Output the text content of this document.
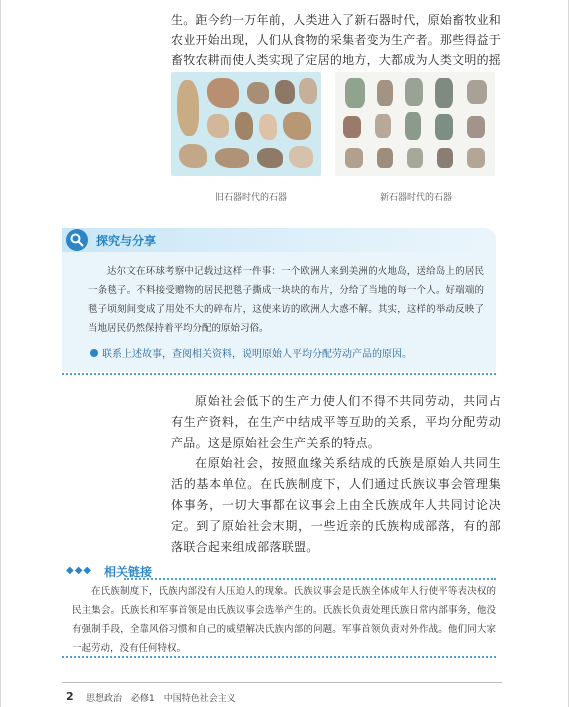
生。距今约一万年前，人类进入了新石器时代，原始畜牧业和农业开始出现，人们从食物的采集者变为生产者。那些得益于畜牧农耕而使人类实现了定居的地方，大都成为人类文明的摇

旧石器时代的石器	新石器时代的石器
探究与分享

达尔文在环球考察中记载过这样一件事：一个欧洲人来到美洲的火地岛，送给岛上的居民一条毯子。不料接受赠物的居民把毯子撕成一块块的布片，分给了当地的每一个人。好端端的毯子顷刻间变成了用处不大的碎布片，这使来访的欧洲人大惑不解。其实，这样的举动反映了当地居民仍然保持着平均分配的原始习俗。

联系上述故事，查阅相关资料，说明原始人平均分配劳动产品的原因。

原始社会低下的生产力使人们不得不共同劳动，共同占有生产资料，在生产中结成平等互助的关系，平均分配劳动产品。这是原始社会生产关系的特点。

在原始社会，按照血缘关系结成的氏族是原始人共同生活的基本单位。在氏族制度下，人们通过氏族议事会管理集体事务，一切大事都在议事会上由全氏族成年人共同讨论决定。到了原始社会末期，一些近亲的氏族构成部落，有的部落联合起来组成部落联盟。

◆◆◆ 相关链接

在氏族制度下，氏族内部没有人压迫人的现象。氏族议事会是氏族全体成年人行使平等表决权的民主集会。氏族长和军事首领是由氏族议事会选举产生的。氏族长负责处理氏族日常内部事务，他没有强制手段，全靠风俗习惯和自己的威望解决氏族内部的问题。军事首领负责对外作战。他们同大家一起劳动，没有任何特权。

2 思想政治　必修1　中国特色社会主义
